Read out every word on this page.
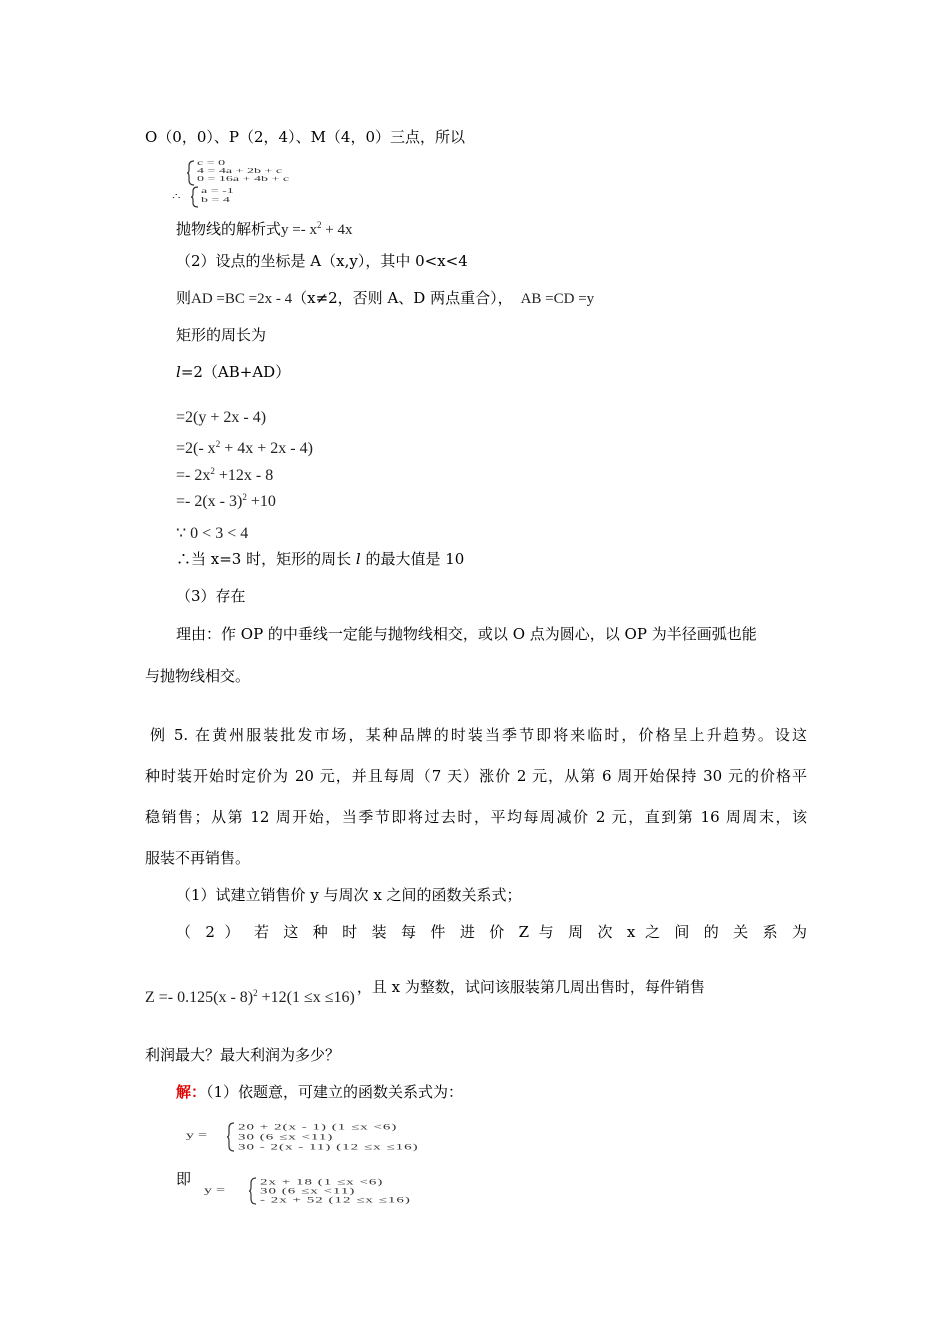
O（0，0）、P（2，4）、M（4，0）三点，所以
c = 0
4 = 4a + 2b + c
0 = 16a + 4b + c
∴
a = -1
b = 4
抛物线的解析式$y =- x^2 + 4x$
（2）设点的坐标是 A（x,y），其中 0<x<4
则AD =BC =2x - 4（x≠2，否则 A、D 两点重合）， AB =CD =y
矩形的周长为
l=2（AB+AD）
=2(y + 2x - 4)
=2(- $x^2 + 4x + 2x - 4$)
=- $2x^2 +12x - 8$
=- 2(x - 3)$^2$ +10
∵ 0 < 3 < 4
∴当 x=3 时，矩形的周长 l 的最大值是 10
（3）存在
理由：作 OP 的中垂线一定能与抛物线相交，或以 O 点为圆心，以 OP 为半径画弧也能
与抛物线相交。
例 5. 在黄州服装批发市场，某种品牌的时装当季节即将来临时，价格呈上升趋势。设这
种时装开始时定价为 20 元，并且每周（7 天）涨价 2 元，从第 6 周开始保持 30 元的价格平
稳销售；从第 12 周开始，当季节即将过去时，平均每周减价 2 元，直到第 16 周周末，该
服装不再销售。
（1）试建立销售价 y 与周次 x 之间的函数关系式；
（ 2 ） 若 这 种 时 装 每 件 进 价 Z 与 周 次 x 之 间 的 关 系 为
Z =- 0.125(x - 8)$^2$ +12(1 ≤x ≤16)，且 x 为整数，试问该服装第几周出售时，每件销售
利润最大？最大利润为多少？
解：（1）依题意，可建立的函数关系式为：
y =
20 + 2(x - 1) (1 ≤x <6)
30 (6 ≤x <11)
30 - 2(x - 11) (12 ≤x ≤16)
即
y =
2x + 18 (1 ≤x <6)
30 (6 ≤x <11)
- 2x + 52 (12 ≤x ≤16)
